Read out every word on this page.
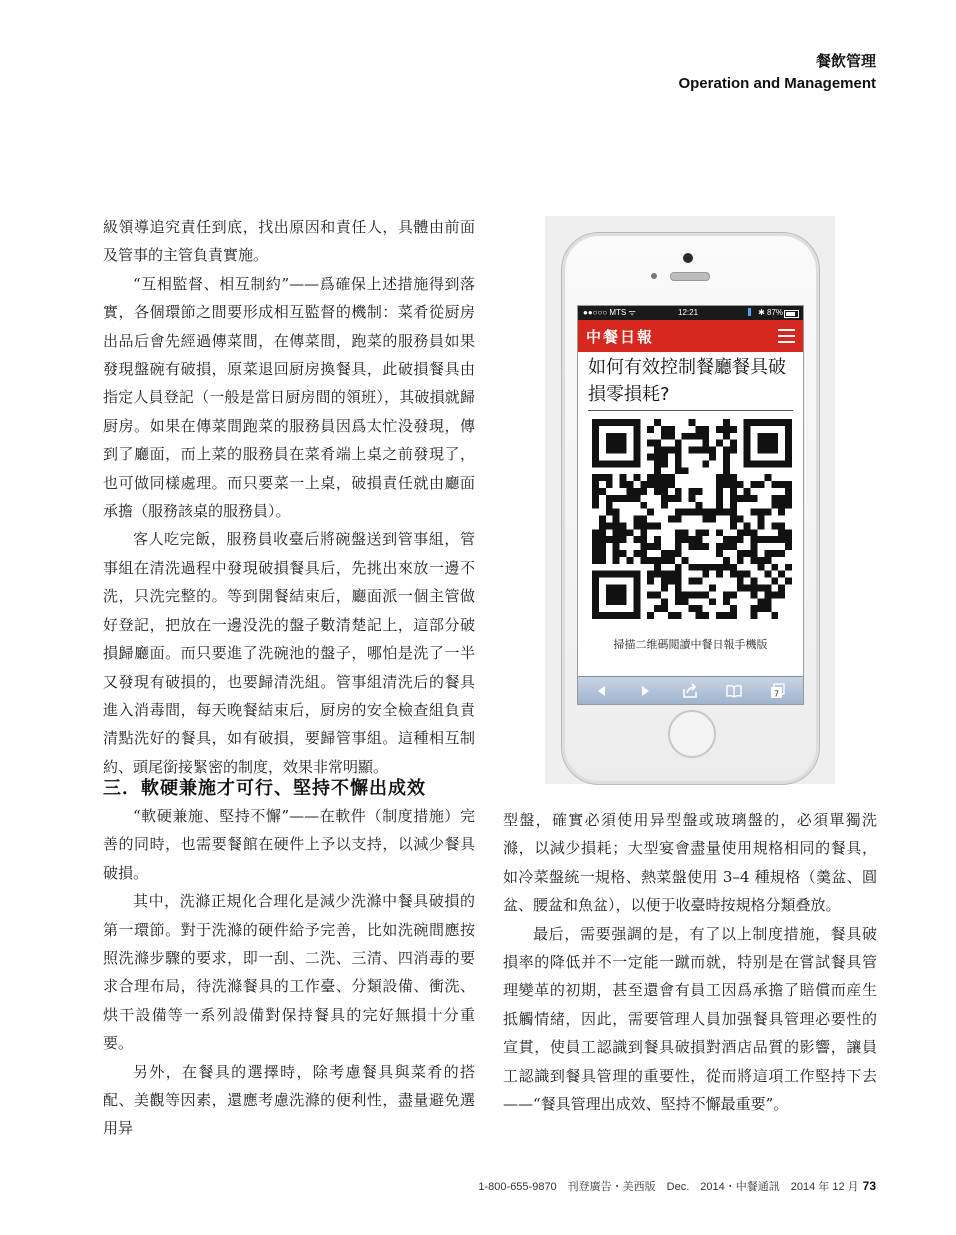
餐飲管理
Operation and Management

級領導追究責任到底，找出原因和責任人，具體由前面及管事的主管負責實施。

“互相監督、相互制約”——爲確保上述措施得到落實，各個環節之間要形成相互監督的機制：菜肴從厨房出品后會先經過傳菜間，在傳菜間，跑菜的服務員如果發現盤碗有破損，原菜退回厨房換餐具，此破損餐具由指定人員登記（一般是當日厨房間的領班），其破損就歸厨房。如果在傳菜間跑菜的服務員因爲太忙没發現，傳到了廳面，而上菜的服務員在菜肴端上桌之前發現了，也可做同樣處理。而只要菜一上桌，破損責任就由廳面承擔（服務該桌的服務員）。

客人吃完飯，服務員收臺后將碗盤送到管事組，管事組在清洗過程中發現破損餐具后，先挑出來放一邊不洗，只洗完整的。等到開餐結束后，廳面派一個主管做好登記，把放在一邊没洗的盤子數清楚記上，這部分破損歸廳面。而只要進了洗碗池的盤子，哪怕是洗了一半又發現有破損的，也要歸清洗組。管事組清洗后的餐具進入消毒間，每天晚餐結束后，厨房的安全檢查組負責清點洗好的餐具，如有破損，要歸管事組。這種相互制約、頭尾銜接緊密的制度，效果非常明顯。

三．軟硬兼施才可行、堅持不懈出成效

“軟硬兼施、堅持不懈”——在軟件（制度措施）完善的同時，也需要餐館在硬件上予以支持，以減少餐具破損。

其中，洗滌正規化合理化是減少洗滌中餐具破損的第一環節。對于洗滌的硬件給予完善，比如洗碗間應按照洗滌步驟的要求，即一刮、二洗、三清、四消毒的要求合理布局，待洗滌餐具的工作臺、分類設備、衝洗、烘干設備等一系列設備對保持餐具的完好無損十分重要。

另外，在餐具的選擇時，除考慮餐具與菜肴的搭配、美觀等因素，還應考慮洗滌的便利性，盡量避免選用异

型盤，確實必須使用异型盤或玻璃盤的，必須單獨洗滌，以減少損耗；大型宴會盡量使用規格相同的餐具，如冷菜盤統一規格、熱菜盤使用 3–4 種規格（羹盆、圓盆、腰盆和魚盆），以便于收臺時按規格分類叠放。

最后，需要强調的是，有了以上制度措施，餐具破損率的降低并不一定能一蹴而就，特别是在嘗試餐具管理變革的初期，甚至還會有員工因爲承擔了賠償而産生抵觸情緒，因此，需要管理人員加强餐具管理必要性的宣貫，使員工認識到餐具破損對酒店品質的影響，讓員工認識到餐具管理的重要性，從而將這項工作堅持下去——“餐具管理出成效、堅持不懈最重要”。

●●○○○ MTS ᯤ	12:21	✱ 87%
中餐日報
如何有效控制餐廳餐具破損零損耗?
掃描二维碼閲讀中餐日報手機版
7
1-800-655-9870　刊登廣告・美西版　Dec.　2014・中餐通訊　2014 年 12 月 73
